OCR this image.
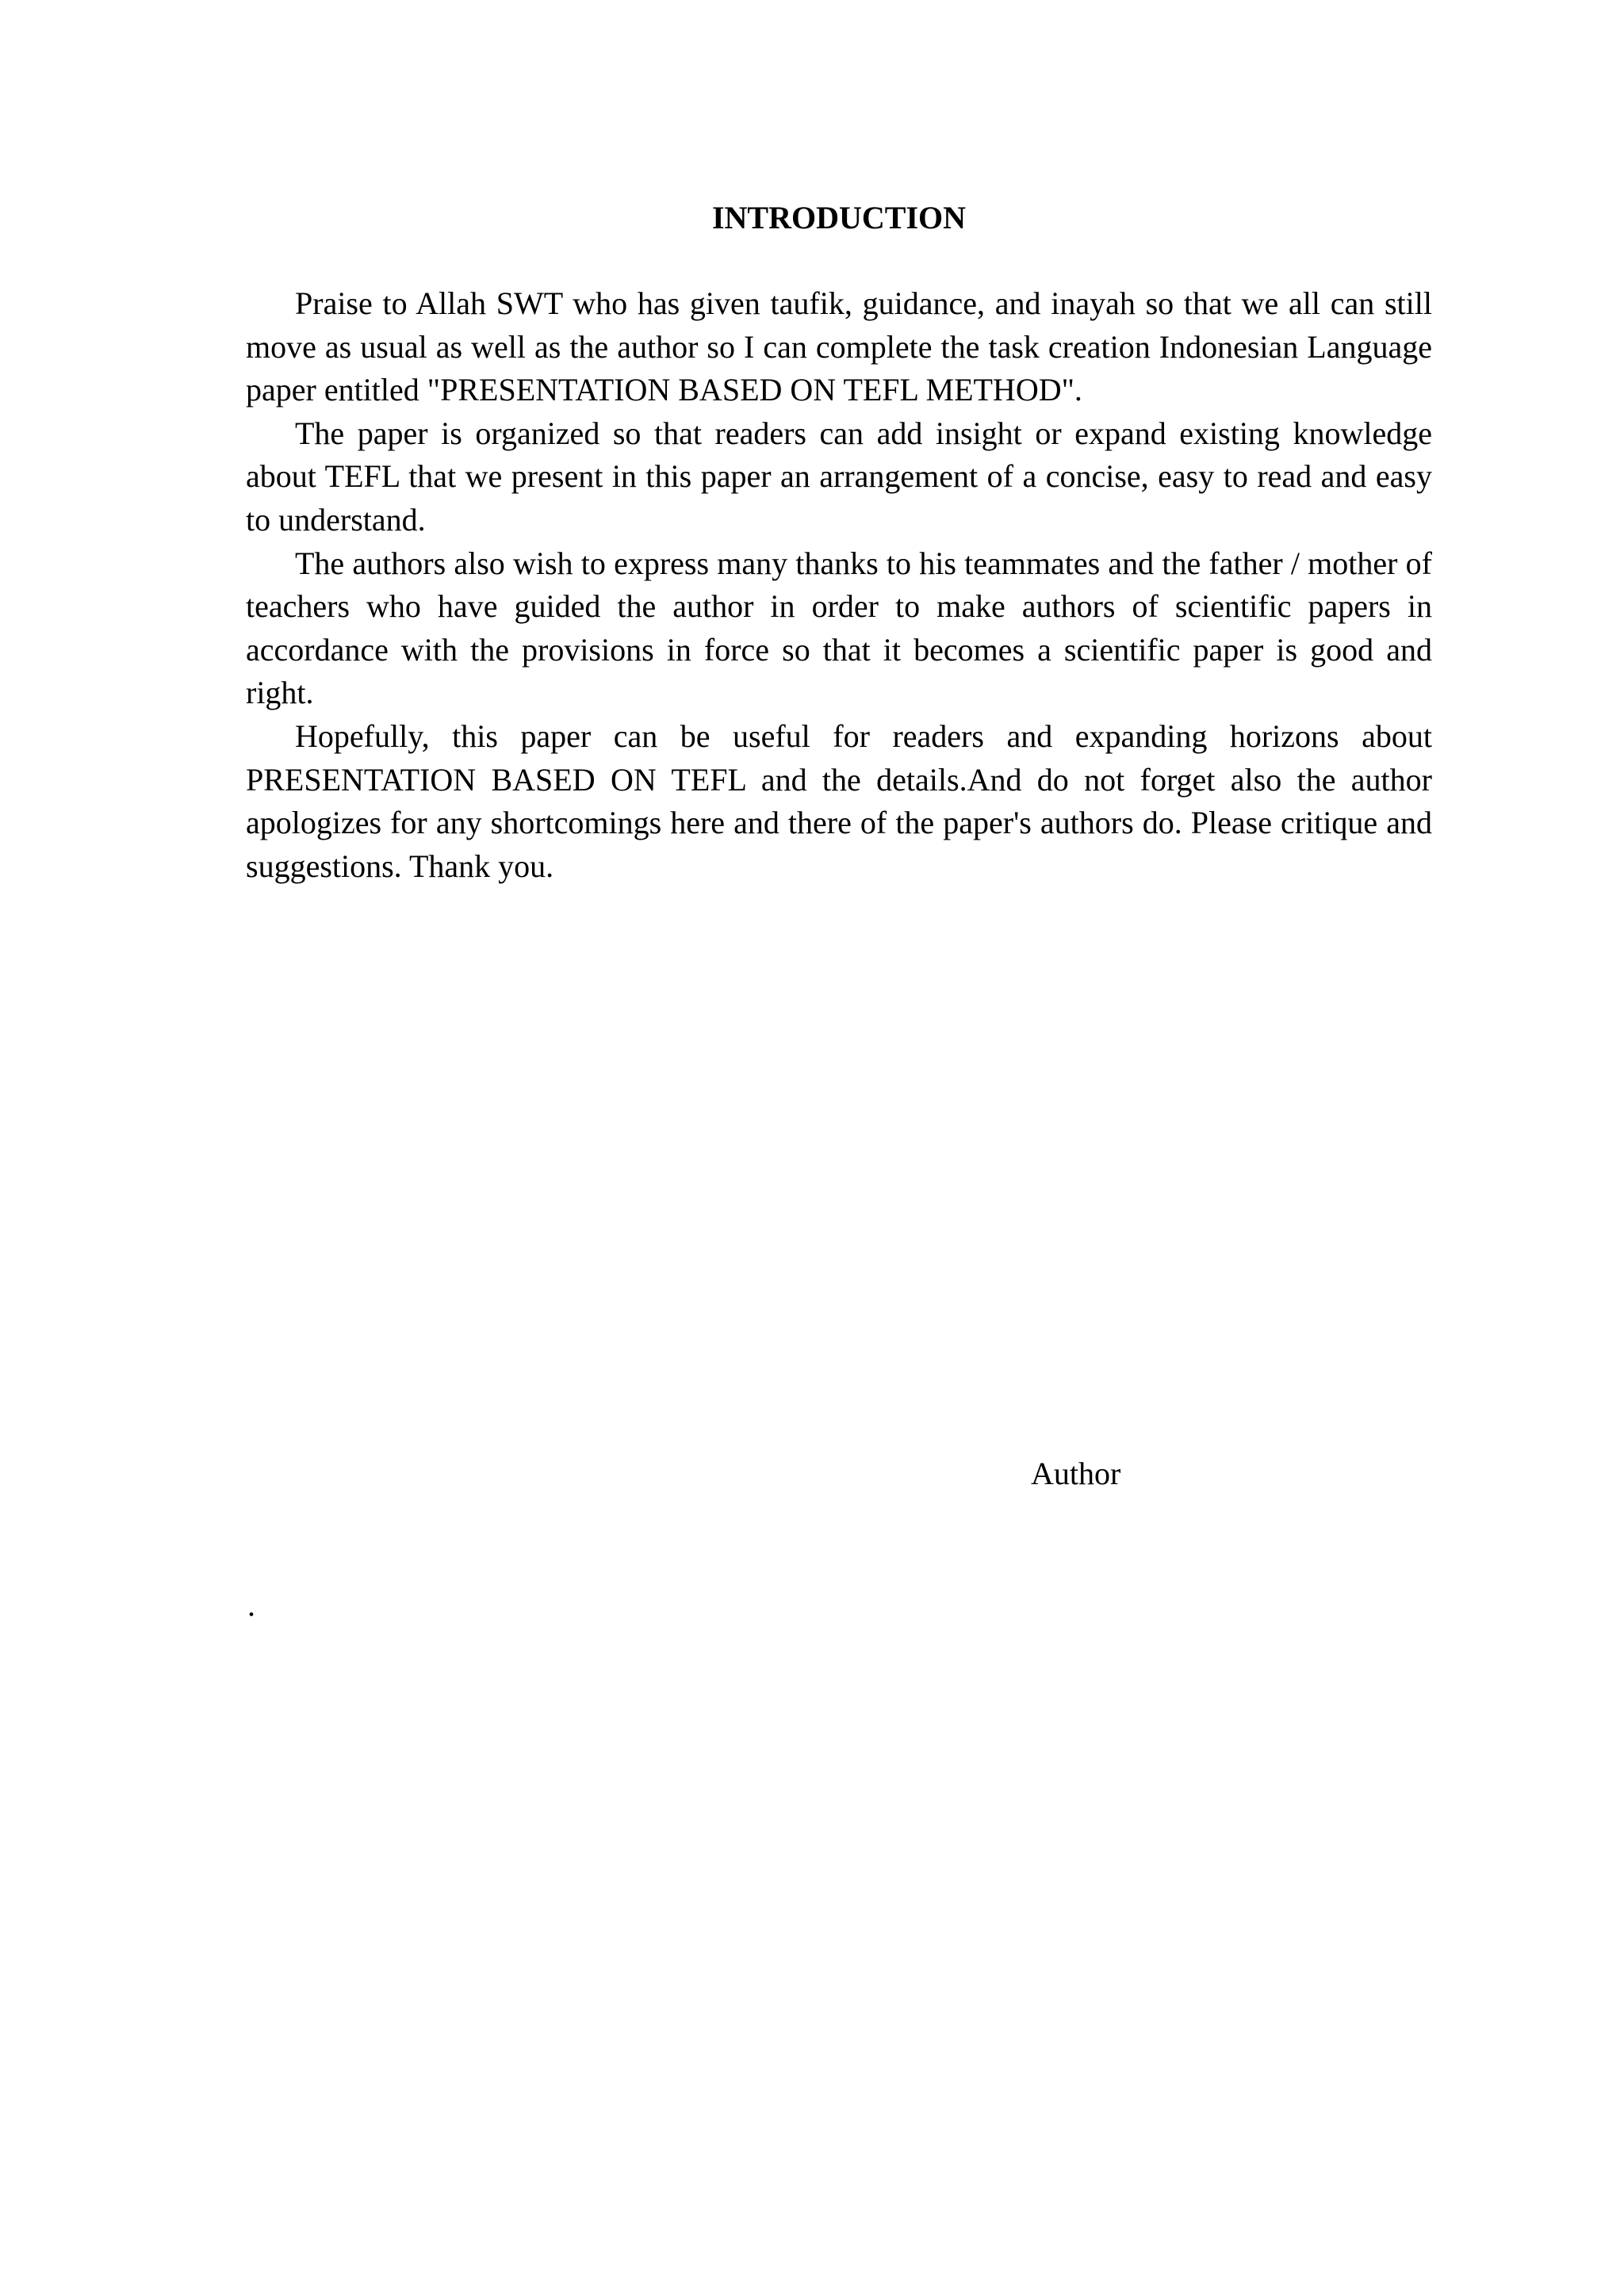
INTRODUCTION

Praise to Allah SWT who has given taufik, guidance, and inayah so that we all can still move as usual as well as the author so I can complete the task creation Indonesian Language paper entitled "PRESENTATION BASED ON TEFL METHOD".

The paper is organized so that readers can add insight or expand existing knowledge about TEFL that we present in this paper an arrangement of a concise, easy to read and easy to understand.

The authors also wish to express many thanks to his teammates and the father / mother of teachers who have guided the author in order to make authors of scientific papers in accordance with the provisions in force so that it becomes a scientific paper is good and right.

Hopefully, this paper can be useful for readers and expanding horizons about PRESENTATION BASED ON TEFL and the details.And do not forget also the author apologizes for any shortcomings here and there of the paper's authors do. Please critique and suggestions. Thank you.

Author

.
